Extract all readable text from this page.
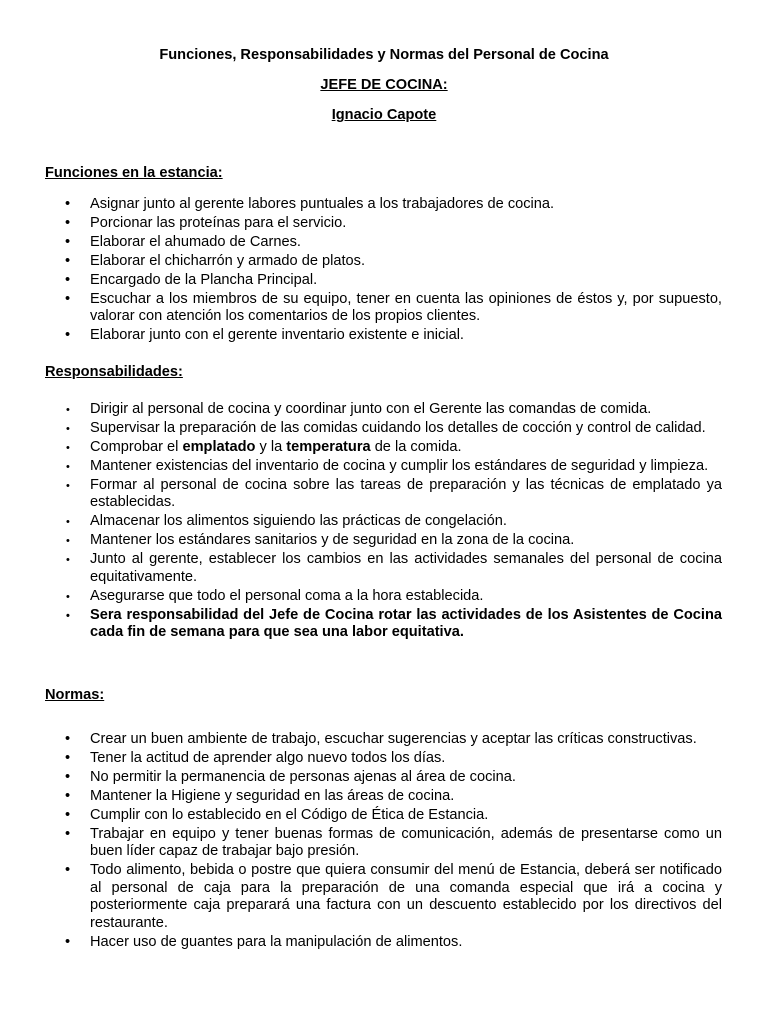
Funciones, Responsabilidades y Normas del Personal de Cocina
JEFE DE COCINA:
Ignacio Capote
Funciones en la estancia:
• Asignar junto al gerente labores puntuales a los trabajadores de cocina.
• Porcionar las proteínas para el servicio.
• Elaborar el ahumado de Carnes.
• Elaborar el chicharrón y armado de platos.
• Encargado de la Plancha Principal.
• Escuchar a los miembros de su equipo, tener en cuenta las opiniones de éstos y, por supuesto, valorar con atención los comentarios de los propios clientes.
• Elaborar junto con el gerente inventario existente e inicial.
Responsabilidades:
• Dirigir al personal de cocina y coordinar junto con el Gerente las comandas de comida.
• Supervisar la preparación de las comidas cuidando los detalles de cocción y control de calidad.
• Comprobar el emplatado y la temperatura de la comida.
• Mantener existencias del inventario de cocina y cumplir los estándares de seguridad y limpieza.
• Formar al personal de cocina sobre las tareas de preparación y las técnicas de emplatado ya establecidas.
• Almacenar los alimentos siguiendo las prácticas de congelación.
• Mantener los estándares sanitarios y de seguridad en la zona de la cocina.
• Junto al gerente, establecer los cambios en las actividades semanales del personal de cocina equitativamente.
• Asegurarse que todo el personal coma a la hora establecida.
• Sera responsabilidad del Jefe de Cocina rotar las actividades de los Asistentes de Cocina cada fin de semana para que sea una labor equitativa.
Normas:
• Crear un buen ambiente de trabajo, escuchar sugerencias y aceptar las críticas constructivas.
• Tener la actitud de aprender algo nuevo todos los días.
• No permitir la permanencia de personas ajenas al área de cocina.
• Mantener la Higiene y seguridad en las áreas de cocina.
• Cumplir con lo establecido en el Código de Ética de Estancia.
• Trabajar en equipo y tener buenas formas de comunicación, además de presentarse como un buen líder capaz de trabajar bajo presión.
• Todo alimento, bebida o postre que quiera consumir del menú de Estancia, deberá ser notificado al personal de caja para la preparación de una comanda especial que irá a cocina y posteriormente caja preparará una factura con un descuento establecido por los directivos del restaurante.
• Hacer uso de guantes para la manipulación de alimentos.
